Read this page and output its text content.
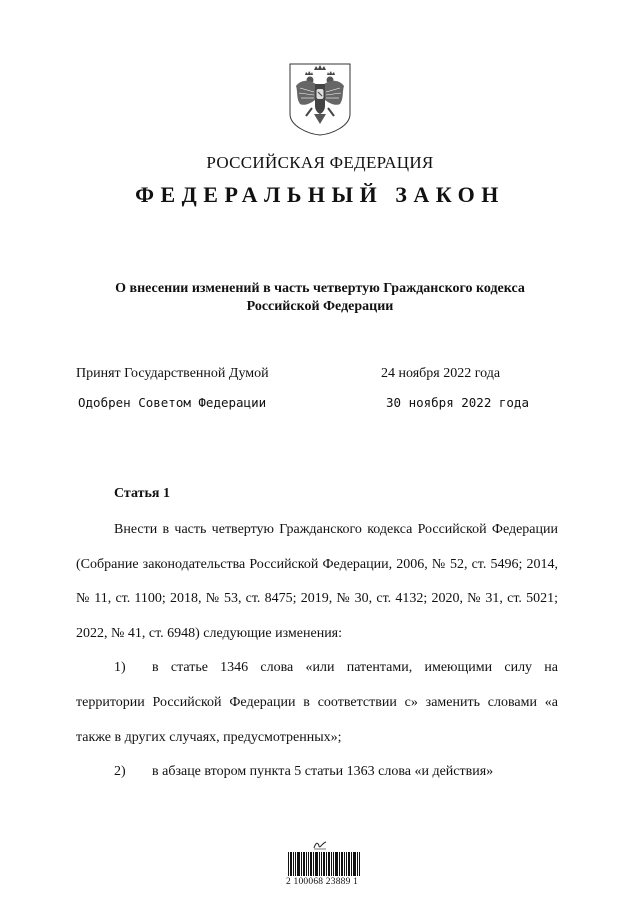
РОССИЙСКАЯ ФЕДЕРАЦИЯ
ФЕДЕРАЛЬНЫЙ ЗАКОН
О внесении изменений в часть четвертую Гражданского кодекса
Российской Федерации
Принят Государственной Думой	24 ноября 2022 года
Одобрен Советом Федерации	30 ноября 2022 года
Статья 1

Внести в часть четвертую Гражданского кодекса Российской Федерации (Собрание законодательства Российской Федерации, 2006, № 52, ст. 5496; 2014, № 11, ст. 1100; 2018, № 53, ст. 8475; 2019, № 30, ст. 4132; 2020, № 31, ст. 5021; 2022, № 41, ст. 6948) следующие изменения:

1) в статье 1346 слова «или патентами, имеющими силу на территории Российской Федерации в соответствии с» заменить словами «а также в других случаях, предусмотренных»;

2) в абзаце втором пункта 5 статьи 1363 слова «и действия»

2 100068 23889 1
